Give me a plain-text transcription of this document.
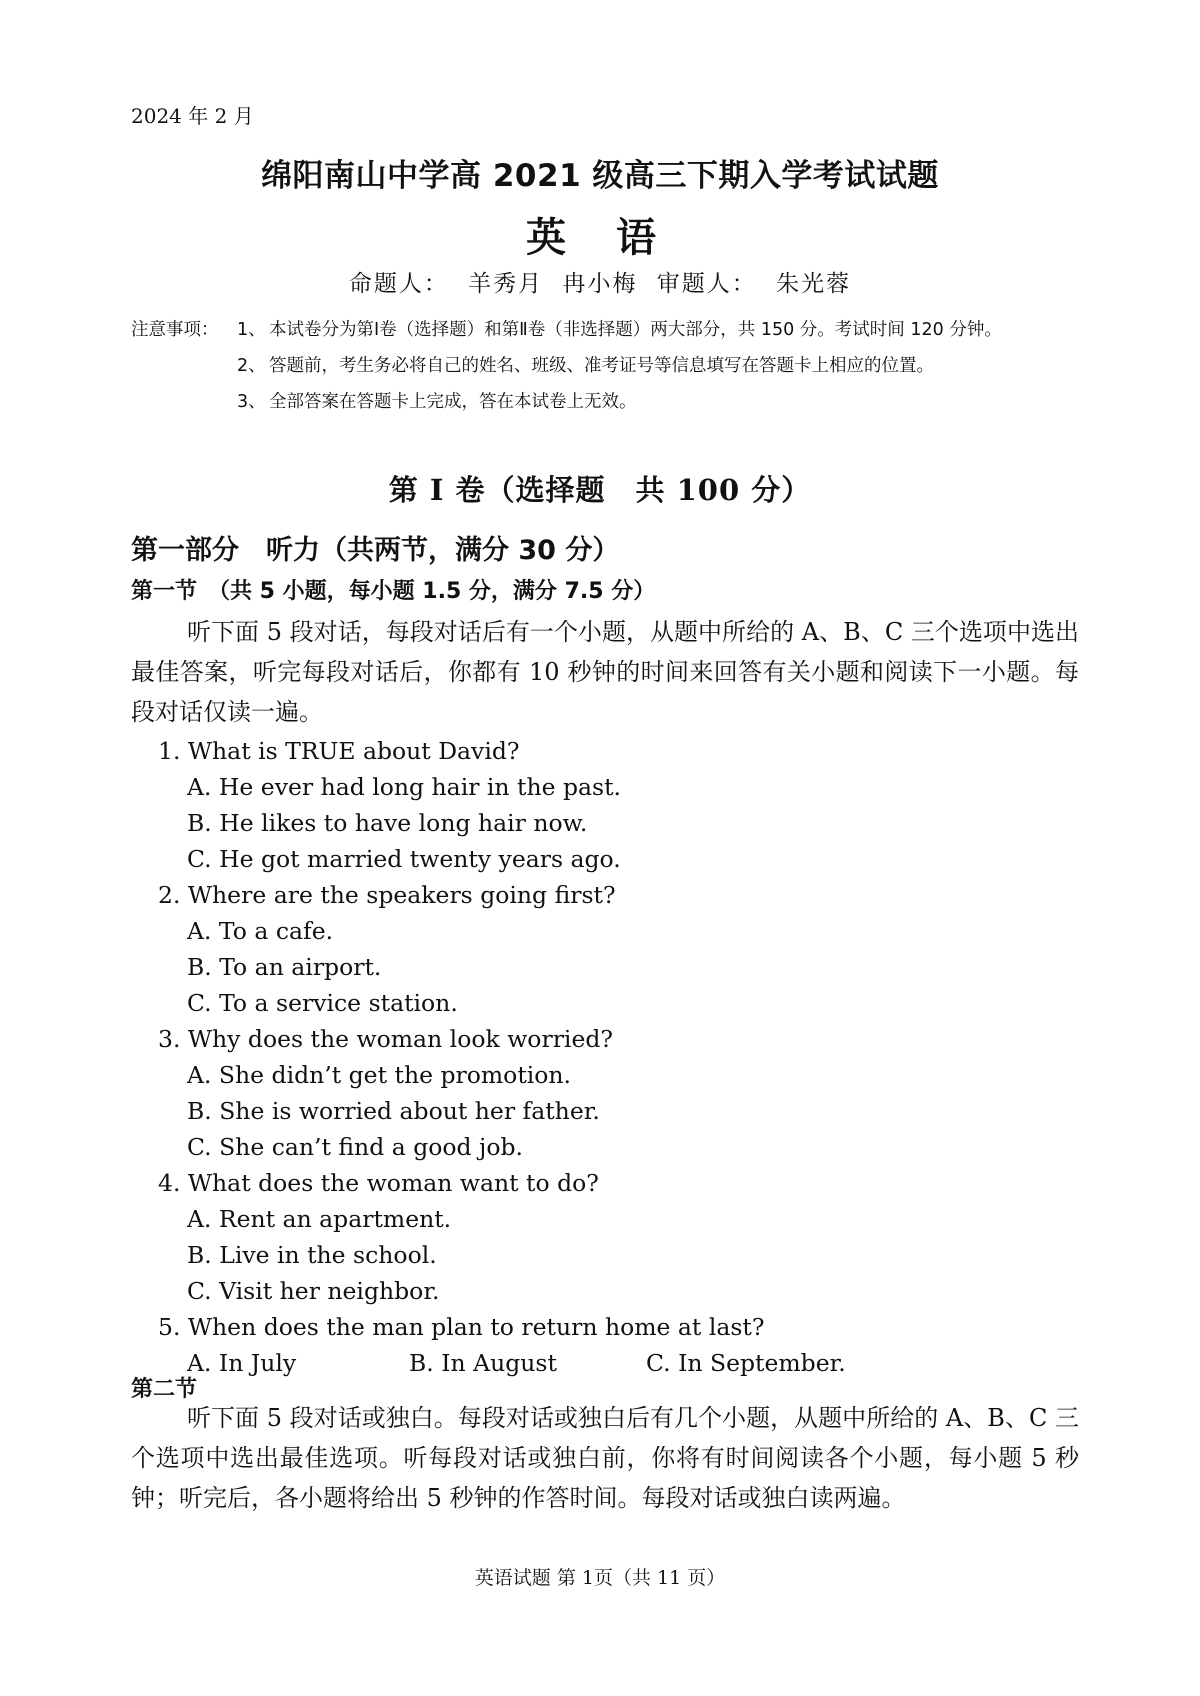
2024 年 2 月
绵阳南山中学高 2021 级高三下期入学考试试题
英 语
命题人： 羊秀月 冉小梅 审题人： 朱光蓉
注意事项：	1、 本试卷分为第Ⅰ卷（选择题）和第Ⅱ卷（非选择题）两大部分，共 150 分。考试时间 120 分钟。
2、 答题前，考生务必将自己的姓名、班级、准考证号等信息填写在答题卡上相应的位置。
3、 全部答案在答题卡上完成，答在本试卷上无效。
第 I 卷（选择题　共 100 分）
第一部分　听力（共两节，满分 30 分）
第一节　（共 5 小题，每小题 1.5 分，满分 7.5 分）
听下面 5 段对话，每段对话后有一个小题，从题中所给的 A、B、C 三个选项中选出最佳答案，听完每段对话后，你都有 10 秒钟的时间来回答有关小题和阅读下一小题。每段对话仅读一遍。
1. What is TRUE about David?
A. He ever had long hair in the past.
B. He likes to have long hair now.
C. He got married twenty years ago.
2. Where are the speakers going first?
A. To a cafe.
B. To an airport.
C. To a service station.
3. Why does the woman look worried?
A. She didn’t get the promotion.
B. She is worried about her father.
C. She can’t find a good job.
4. What does the woman want to do?
A. Rent an apartment.
B. Live in the school.
C. Visit her neighbor.
5. When does the man plan to return home at last?
A. In July	B. In August	C. In September.
第二节
听下面 5 段对话或独白。每段对话或独白后有几个小题，从题中所给的 A、B、C 三个选项中选出最佳选项。听每段对话或独白前，你将有时间阅读各个小题，每小题 5 秒钟；听完后，各小题将给出 5 秒钟的作答时间。每段对话或独白读两遍。
英语试题 第 1页（共 11 页）
